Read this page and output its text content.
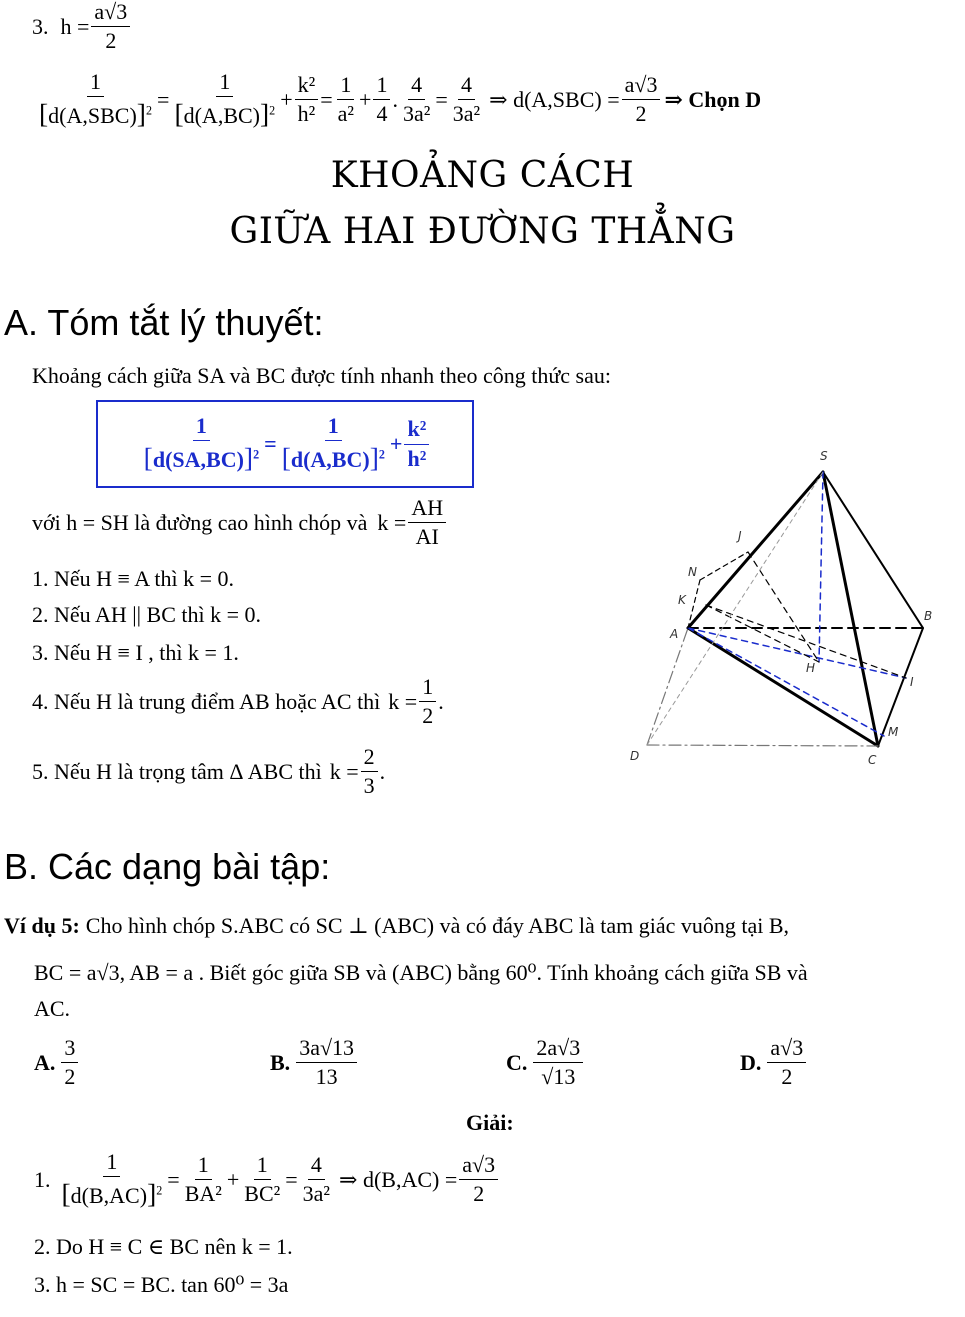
3. $h = \frac{a√3}{2}$
$\frac{1}{[d(A,SBC)]^2} = \frac{1}{[d(A,BC)]^2} + \frac{\text{k²}}{\text{h²}} = \frac{1}{\text{a²}} + \frac{1}{4}$ . $\frac{4}{\text{3a²}} = \frac{4}{\text{3a²}}$ ⇒ $d(A,SBC) = \frac{a√3}{2}$ ⇒ Chọn D
KHOẢNG CÁCH
GIỮA HAI ĐƯỜNG THẲNG
A. Tóm tắt lý thuyết:
Khoảng cách giữa SA và BC được tính nhanh theo công thức sau:
$\frac{1}{[d(SA,BC)]^2} = \frac{1}{[d(A,BC)]^2} + \frac{\text{k²}}{\text{h²}}$
với h = SH là đường cao hình chóp và $k = \frac{AH}{AI}$
1. Nếu H ≡ A thì k = 0.
2. Nếu AH || BC thì k = 0.
3. Nếu H ≡ I , thì k = 1.
4. Nếu H là trung điểm AB hoặc AC thì $k = \frac{1}{2}$ .
5. Nếu H là trọng tâm Δ ABC thì $k = \frac{2}{3}$ .
S
J
N
K
A
B
H
I
M
D	C
B. Các dạng bài tập:
Ví dụ 5: Cho hình chóp S.ABC có SC ⊥ (ABC) và có đáy ABC là tam giác vuông tại B,
BC = a√3, AB = a . Biết góc giữa SB và (ABC) bằng 60⁰. Tính khoảng cách giữa SB và
AC.
A. $\frac{3}{2}$	B. $\frac{3a√13}{13}$	C. $\frac{2a√3}{√13}$	D. $\frac{a√3}{2}$
Giải:
1. $\frac{1}{[d(B,AC)]^2} = \frac{1}{\text{BA²}} + \frac{1}{\text{BC²}} = \frac{4}{\text{3a²}}$ ⇒ $d(B,AC) = \frac{a√3}{2}$
2. Do H ≡ C ∈ BC nên k = 1.
3. h = SC = BC. tan 60⁰ = 3a
